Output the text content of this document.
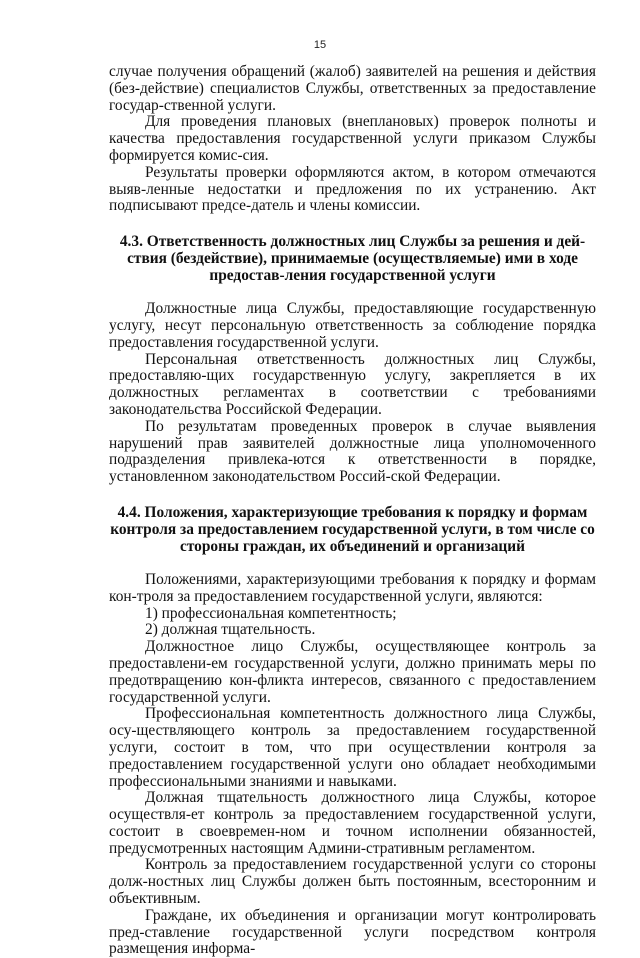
15

случае получения обращений (жалоб) заявителей на решения и действия (без-действие) специалистов Службы, ответственных за предоставление государ-ственной услуги.

Для проведения плановых (внеплановых) проверок полноты и качества предоставления государственной услуги приказом Службы формируется комис-сия.

Результаты проверки оформляются актом, в котором отмечаются выяв-ленные недостатки и предложения по их устранению. Акт подписывают предсе-датель и члены комиссии.

4.3. Ответственность должностных лиц Службы за решения и дей-ствия (бездействие), принимаемые (осуществляемые) ими в ходе предостав-ления государственной услуги

Должностные лица Службы, предоставляющие государственную услугу, несут персональную ответственность за соблюдение порядка предоставления государственной услуги.

Персональная ответственность должностных лиц Службы, предоставляю-щих государственную услугу, закрепляется в их должностных регламентах в соответствии с требованиями законодательства Российской Федерации.

По результатам проведенных проверок в случае выявления нарушений прав заявителей должностные лица уполномоченного подразделения привлека-ются к ответственности в порядке, установленном законодательством Россий-ской Федерации.

4.4. Положения, характеризующие требования к порядку и формам контроля за предоставлением государственной услуги, в том числе со стороны граждан, их объединений и организаций

Положениями, характеризующими требования к порядку и формам кон-троля за предоставлением государственной услуги, являются:

1) профессиональная компетентность;

2) должная тщательность.

Должностное лицо Службы, осуществляющее контроль за предоставлени-ем государственной услуги, должно принимать меры по предотвращению кон-фликта интересов, связанного с предоставлением государственной услуги.

Профессиональная компетентность должностного лица Службы, осу-ществляющего контроль за предоставлением государственной услуги, состоит в том, что при осуществлении контроля за предоставлением государственной услуги оно обладает необходимыми профессиональными знаниями и навыками.

Должная тщательность должностного лица Службы, которое осуществля-ет контроль за предоставлением государственной услуги, состоит в своевремен-ном и точном исполнении обязанностей, предусмотренных настоящим Админи-стративным регламентом.

Контроль за предоставлением государственной услуги со стороны долж-ностных лиц Службы должен быть постоянным, всесторонним и объективным.

Граждане, их объединения и организации могут контролировать пред-ставление государственной услуги посредством контроля размещения информа-
